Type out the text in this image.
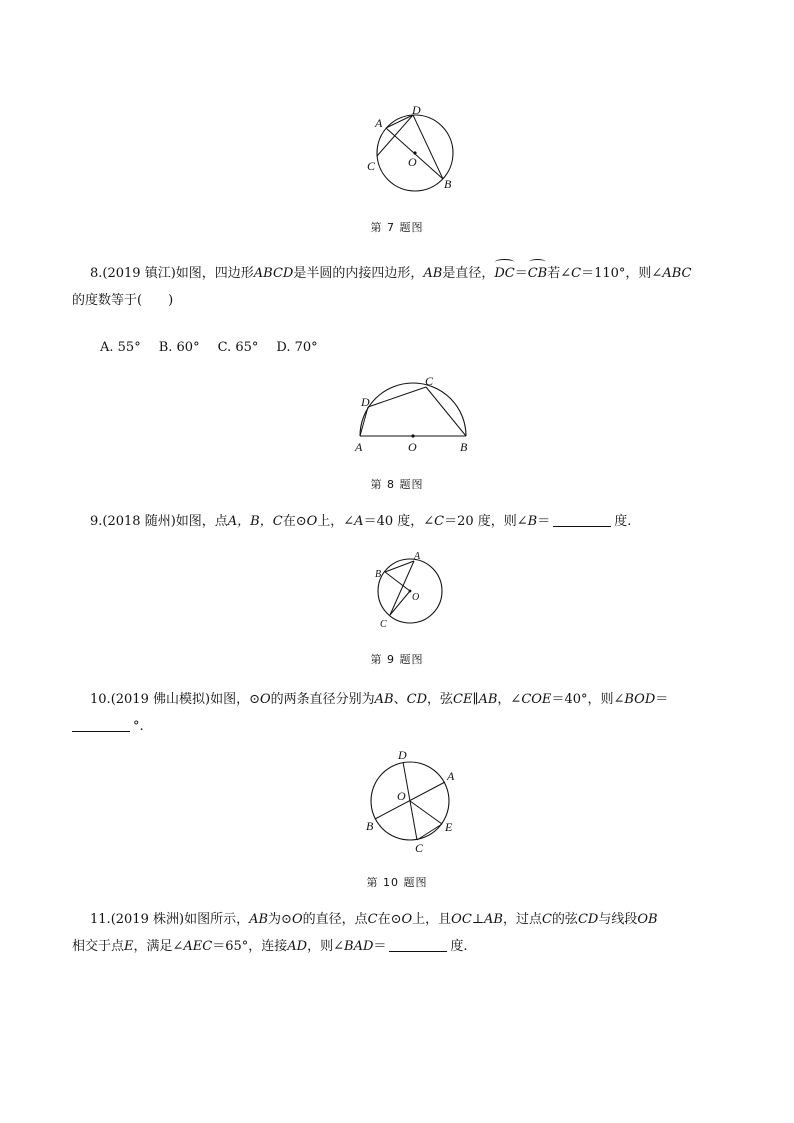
A
C
D
B
O
第 7 题图
8.(2019 镇江)如图，四边形ABCD是半圆的内接四边形，AB是直径，DC＝CB若∠C＝110°，则∠ABC
的度数等于(　　)
A. 55° B. 60° C. 65° D. 70°
D
C
A	O	B
第 8 题图
9.(2018 随州)如图，点A，B，C在⊙O上，∠A＝40 度，∠C＝20 度，则∠B＝	度.
A
B
O
C
第 9 题图
10.(2019 佛山模拟)如图，⊙O的两条直径分别为AB、CD，弦CE∥AB，∠COE＝40°，则∠BOD＝
°.
D
A
O
B	E
C
第 10 题图
11.(2019 株洲)如图所示，AB为⊙O的直径，点C在⊙O上，且OC⊥AB，过点C的弦CD与线段OB
相交于点E，满足∠AEC＝65°，连接AD，则∠BAD＝	度.
